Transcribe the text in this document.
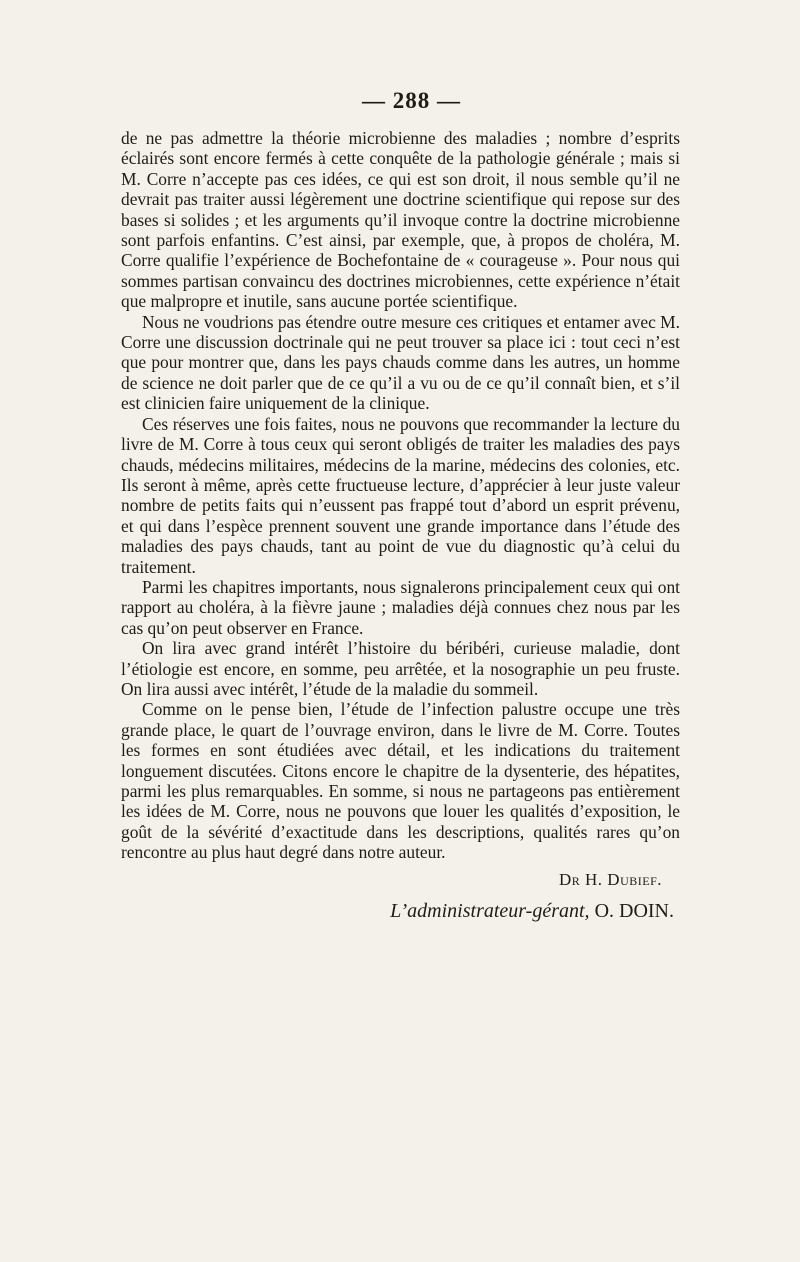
— 288 —

de ne pas admettre la théorie microbienne des maladies ; nombre d’esprits éclairés sont encore fermés à cette conquête de la pathologie générale ; mais si M. Corre n’accepte pas ces idées, ce qui est son droit, il nous semble qu’il ne devrait pas traiter aussi légèrement une doctrine scientifique qui repose sur des bases si solides ; et les arguments qu’il invoque contre la doctrine microbienne sont parfois enfantins. C’est ainsi, par exemple, que, à propos de choléra, M. Corre qualifie l’expérience de Bochefontaine de « courageuse ». Pour nous qui sommes partisan convaincu des doctrines microbiennes, cette expérience n’était que malpropre et inutile, sans aucune portée scientifique.

Nous ne voudrions pas étendre outre mesure ces critiques et entamer avec M. Corre une discussion doctrinale qui ne peut trouver sa place ici : tout ceci n’est que pour montrer que, dans les pays chauds comme dans les autres, un homme de science ne doit parler que de ce qu’il a vu ou de ce qu’il connaît bien, et s’il est clinicien faire uniquement de la clinique.

Ces réserves une fois faites, nous ne pouvons que recommander la lecture du livre de M. Corre à tous ceux qui seront obligés de traiter les maladies des pays chauds, médecins militaires, médecins de la marine, médecins des colonies, etc. Ils seront à même, après cette fructueuse lecture, d’apprécier à leur juste valeur nombre de petits faits qui n’eussent pas frappé tout d’abord un esprit prévenu, et qui dans l’espèce prennent souvent une grande importance dans l’étude des maladies des pays chauds, tant au point de vue du diagnostic qu’à celui du traitement.

Parmi les chapitres importants, nous signalerons principalement ceux qui ont rapport au choléra, à la fièvre jaune ; maladies déjà connues chez nous par les cas qu’on peut observer en France.

On lira avec grand intérêt l’histoire du béribéri, curieuse maladie, dont l’étiologie est encore, en somme, peu arrêtée, et la nosographie un peu fruste. On lira aussi avec intérêt, l’étude de la maladie du sommeil.

Comme on le pense bien, l’étude de l’infection palustre occupe une très grande place, le quart de l’ouvrage environ, dans le livre de M. Corre. Toutes les formes en sont étudiées avec détail, et les indications du traitement longuement discutées. Citons encore le chapitre de la dysenterie, des hépatites, parmi les plus remarquables. En somme, si nous ne partageons pas entièrement les idées de M. Corre, nous ne pouvons que louer les qualités d’exposition, le goût de la sévérité d’exactitude dans les descriptions, qualités rares qu’on rencontre au plus haut degré dans notre auteur.

Dr H. Dubief.
L’administrateur-gérant, O. DOIN.
